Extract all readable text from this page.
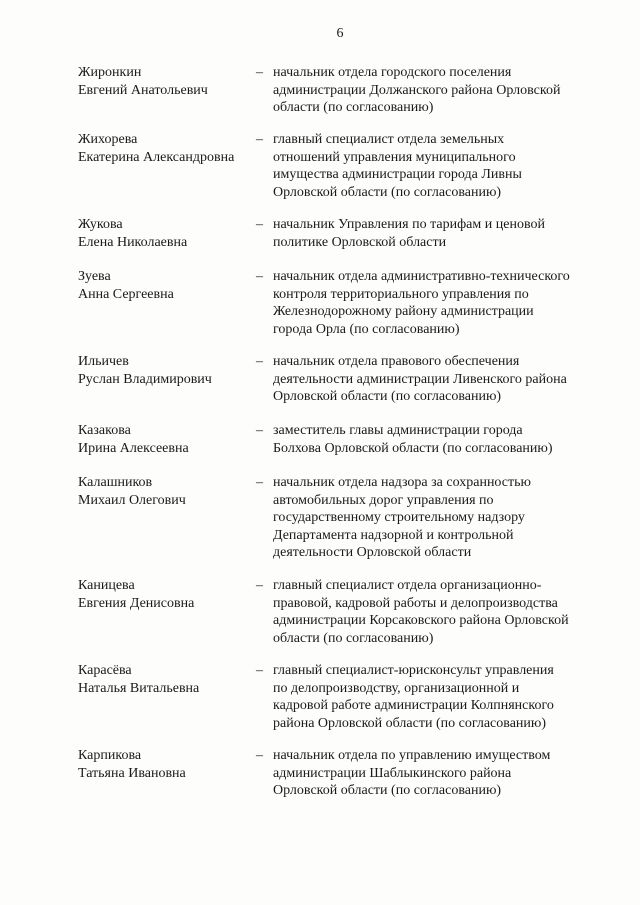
6
Жиронкин
Евгений Анатольевич
– начальник отдела городского поселения
администрации Должанского района Орловской
области (по согласованию)
Жихорева
Екатерина Александровна
– главный специалист отдела земельных
отношений управления муниципального
имущества администрации города Ливны
Орловской области (по согласованию)
Жукова
Елена Николаевна
– начальник Управления по тарифам и ценовой
политике Орловской области
Зуева
Анна Сергеевна
– начальник отдела административно-технического
контроля территориального управления по
Железнодорожному району администрации
города Орла (по согласованию)
Ильичев
Руслан Владимирович
– начальник отдела правового обеспечения
деятельности администрации Ливенского района
Орловской области (по согласованию)
Казакова
Ирина Алексеевна
– заместитель главы администрации города
Болхова Орловской области (по согласованию)
Калашников
Михаил Олегович
– начальник отдела надзора за сохранностью
автомобильных дорог управления по
государственному строительному надзору
Департамента надзорной и контрольной
деятельности Орловской области
Каницева
Евгения Денисовна
– главный специалист отдела организационно-
правовой, кадровой работы и делопроизводства
администрации Корсаковского района Орловской
области (по согласованию)
Карасёва
Наталья Витальевна
– главный специалист-юрисконсульт управления
по делопроизводству, организационной и
кадровой работе администрации Колпнянского
района Орловской области (по согласованию)
Карпикова
Татьяна Ивановна
– начальник отдела по управлению имуществом
администрации Шаблыкинского района
Орловской области (по согласованию)
